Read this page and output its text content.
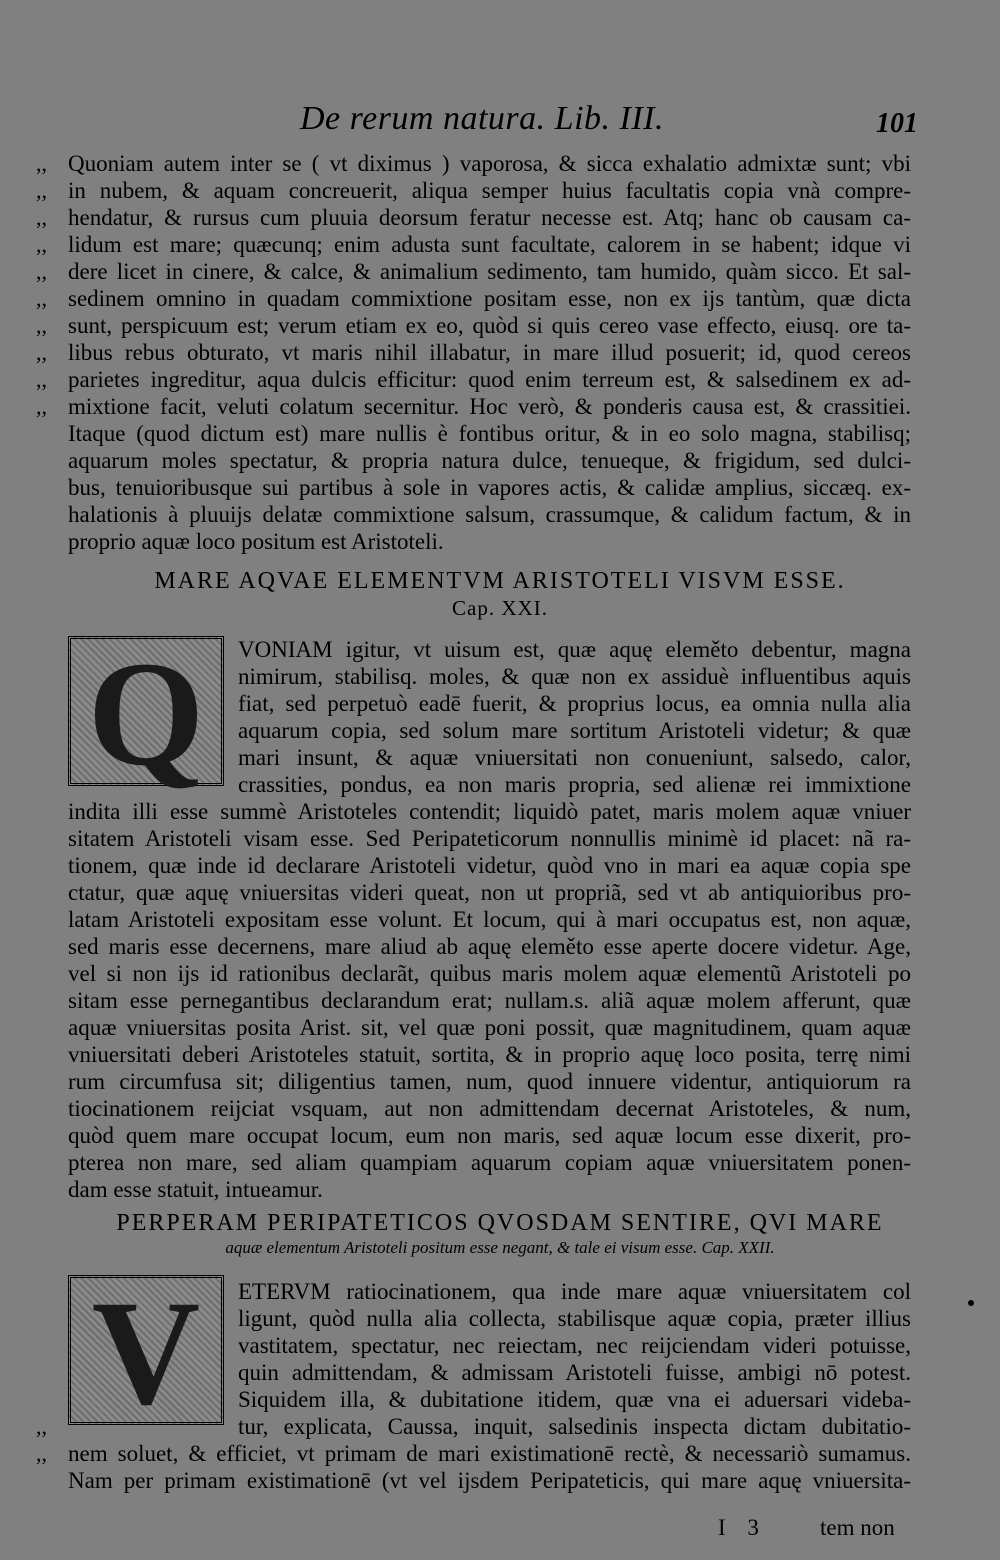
De rerum natura. Lib. III.	101
Quoniam autem inter se ( vt diximus ) vaporosa, & sicca exhalatio admixtæ sunt; vbi
,,
in nubem, & aquam concreuerit, aliqua semper huius facultatis copia vnà compre-
,,
hendatur, & rursus cum pluuia deorsum feratur necesse est. Atq; hanc ob causam ca-
,,
lidum est mare; quæcunq; enim adusta sunt facultate, calorem in se habent; idque vi
,,
dere licet in cinere, & calce, & animalium sedimento, tam humido, quàm sicco. Et sal-
,,
sedinem omnino in quadam commixtione positam esse, non ex ijs tantùm, quæ dicta
,,
sunt, perspicuum est; verum etiam ex eo, quòd si quis cereo vase effecto, eiusq. ore ta-
,,
libus rebus obturato, vt maris nihil illabatur, in mare illud posuerit; id, quod cereos
,,
parietes ingreditur, aqua dulcis efficitur: quod enim terreum est, & salsedinem ex ad-
,,
mixtione facit, veluti colatum secernitur. Hoc verò, & ponderis causa est, & crassitiei.
,,
Itaque (quod dictum est) mare nullis è fontibus oritur, & in eo solo magna, stabilisq;
aquarum moles spectatur, & propria natura dulce, tenueque, & frigidum, sed dulci-
bus, tenuioribusque sui partibus à sole in vapores actis, & calidæ amplius, siccæq. ex-
halationis à pluuijs delatæ commixtione salsum, crassumque, & calidum factum, & in
proprio aquæ loco positum est Aristoteli.
MARE AQVAE ELEMENTVM ARISTOTELI VISVM ESSE.
Cap. XXI.
Q	VONIAM igitur, vt uisum est, quæ aquę eleměto debentur, magna
nimirum, stabilisq. moles, & quæ non ex assiduè influentibus aquis
fiat, sed perpetuò eadē fuerit, & proprius locus, ea omnia nulla alia
aquarum copia, sed solum mare sortitum Aristoteli videtur; & quæ
mari insunt, & aquæ vniuersitati non conueniunt, salsedo, calor,
crassities, pondus, ea non maris propria, sed alienæ rei immixtione
indita illi esse summè Aristoteles contendit; liquidò patet, maris molem aquæ vniuer
sitatem Aristoteli visam esse. Sed Peripateticorum nonnullis minimè id placet: nã ra-
tionem, quæ inde id declarare Aristoteli videtur, quòd vno in mari ea aquæ copia spe
ctatur, quæ aquę vniuersitas videri queat, non ut propriã, sed vt ab antiquioribus pro-
latam Aristoteli expositam esse volunt. Et locum, qui à mari occupatus est, non aquæ,
sed maris esse decernens, mare aliud ab aquę eleměto esse aperte docere videtur. Age,
vel si non ijs id rationibus declarãt, quibus maris molem aquæ elementũ Aristoteli po
sitam esse pernegantibus declarandum erat; nullam.s. aliã aquæ molem afferunt, quæ
aquæ vniuersitas posita Arist. sit, vel quæ poni possit, quæ magnitudinem, quam aquæ
vniuersitati deberi Aristoteles statuit, sortita, & in proprio aquę loco posita, terrę nimi
rum circumfusa sit; diligentius tamen, num, quod innuere videntur, antiquiorum ra
tiocinationem reijciat vsquam, aut non admittendam decernat Aristoteles, & num,
quòd quem mare occupat locum, eum non maris, sed aquæ locum esse dixerit, pro-
pterea non mare, sed aliam quampiam aquarum copiam aquæ vniuersitatem ponen-
dam esse statuit, intueamur.
PERPERAM PERIPATETICOS QVOSDAM SENTIRE, QVI MARE
aquæ elementum Aristoteli positum esse negant, & tale ei visum esse. Cap. XXII.
V	ETERVM ratiocinationem, qua inde mare aquæ vniuersitatem col
ligunt, quòd nulla alia collecta, stabilisque aquæ copia, præter illius
vastitatem, spectatur, nec reiectam, nec reijciendam videri potuisse,
quin admittendam, & admissam Aristoteli fuisse, ambigi nō potest.
Siquidem illa, & dubitatione itidem, quæ vna ei aduersari videba-
tur, explicata, Caussa, inquit, salsedinis inspecta dictam dubitatio-
,,
nem soluet, & efficiet, vt primam de mari existimationē rectè, & necessariò sumamus.
,,
Nam per primam existimationē (vt vel ijsdem Peripateticis, qui mare aquę vniuersita-
I 3 tem non
